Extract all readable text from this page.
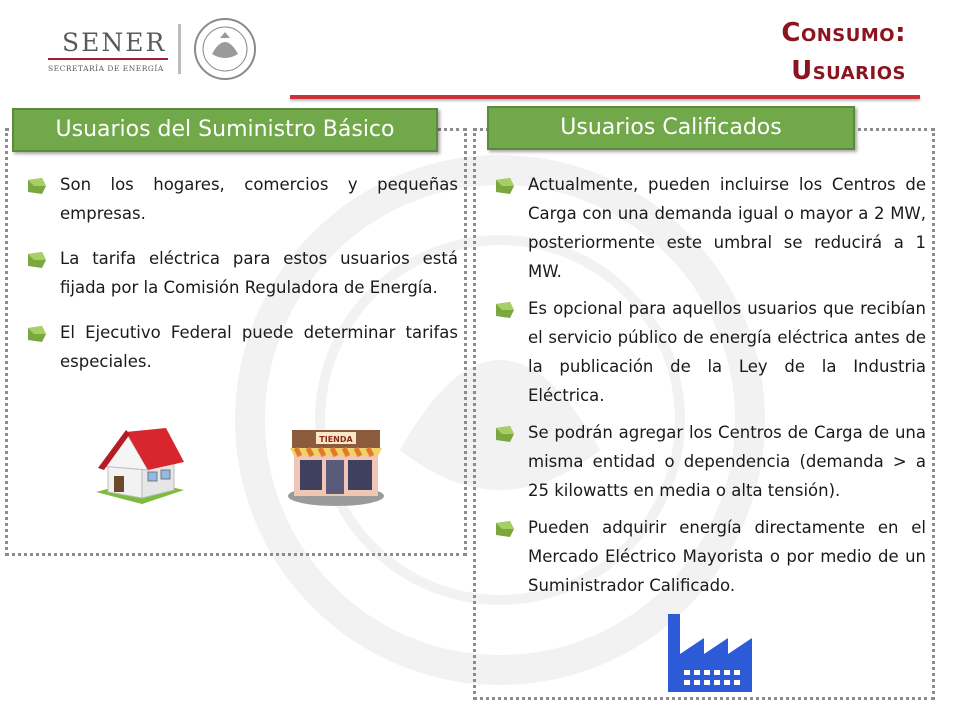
SENER
SECRETARÍA DE ENERGÍA
Consumo:
Usuarios
Usuarios del Suministro Básico	Usuarios Calificados
Son los hogares, comercios y pequeñas empresas.
La tarifa eléctrica para estos usuarios está fijada por la Comisión Reguladora de Energía.
El Ejecutivo Federal puede determinar tarifas especiales.
Actualmente, pueden incluirse los Centros de Carga con una demanda igual o mayor a 2 MW, posteriormente este umbral se reducirá a 1 MW.
Es opcional para aquellos usuarios que recibían el servicio público de energía eléctrica antes de la publicación de la Ley de la Industria Eléctrica.
Se podrán agregar los Centros de Carga de una misma entidad o dependencia (demanda > a 25 kilowatts en media o alta tensión).
Pueden adquirir energía directamente en el Mercado Eléctrico Mayorista o por medio de un Suministrador Calificado.
TIENDA
